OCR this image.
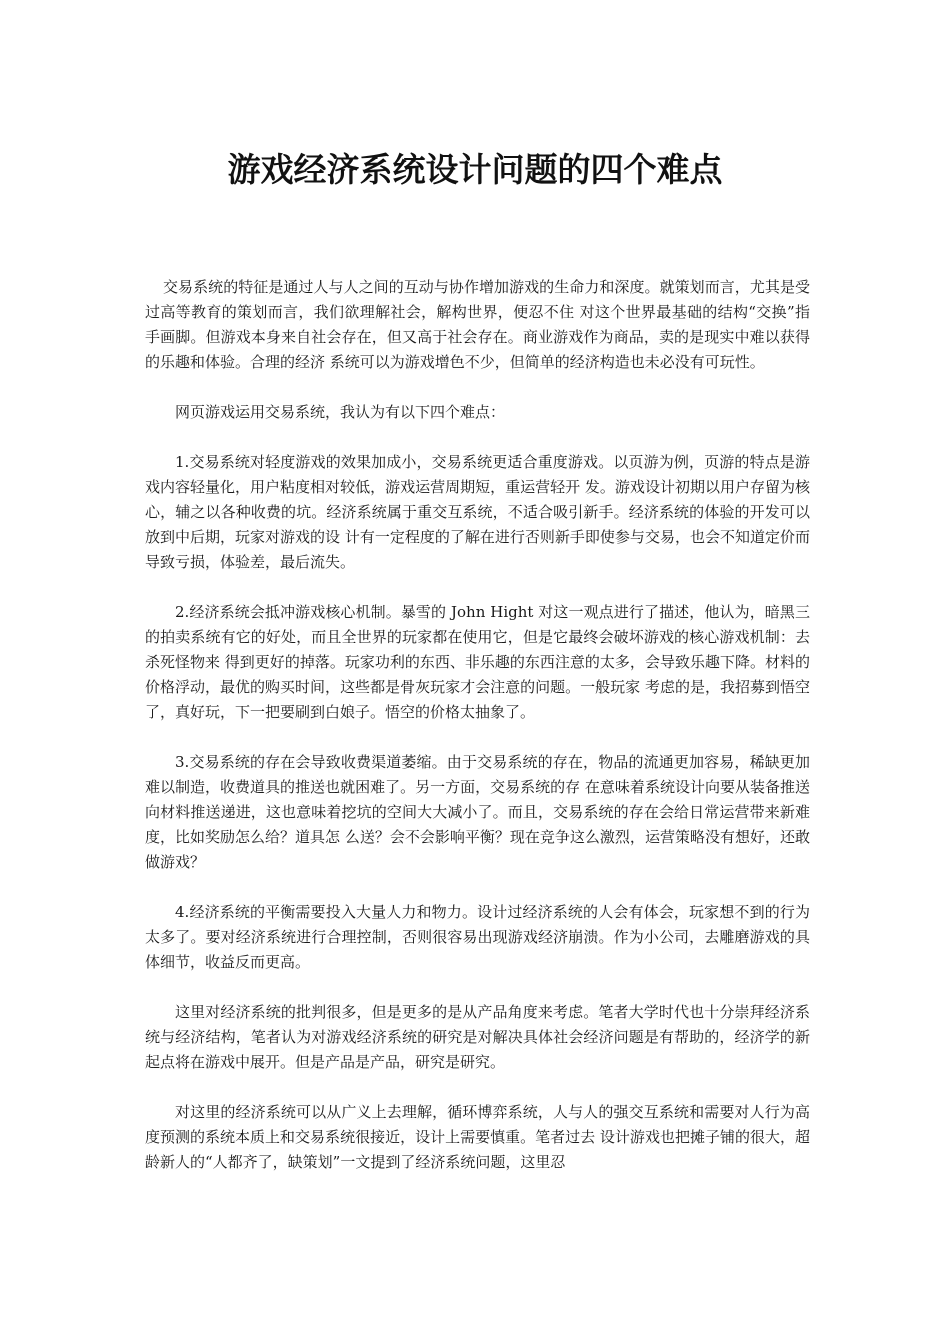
游戏经济系统设计问题的四个难点

交易系统的特征是通过人与人之间的互动与协作增加游戏的生命力和深度。就策划而言，尤其是受过高等教育的策划而言，我们欲理解社会，解构世界，便忍不住 对这个世界最基础的结构“交换”指手画脚。但游戏本身来自社会存在，但又高于社会存在。商业游戏作为商品，卖的是现实中难以获得的乐趣和体验。合理的经济 系统可以为游戏增色不少，但简单的经济构造也未必没有可玩性。

网页游戏运用交易系统，我认为有以下四个难点：

1.交易系统对轻度游戏的效果加成小，交易系统更适合重度游戏。以页游为例，页游的特点是游戏内容轻量化，用户粘度相对较低，游戏运营周期短，重运营轻开 发。游戏设计初期以用户存留为核心，辅之以各种收费的坑。经济系统属于重交互系统，不适合吸引新手。经济系统的体验的开发可以放到中后期，玩家对游戏的设 计有一定程度的了解在进行否则新手即使参与交易，也会不知道定价而导致亏损，体验差，最后流失。

2.经济系统会抵冲游戏核心机制。暴雪的 John Hight 对这一观点进行了描述，他认为，暗黑三的拍卖系统有它的好处，而且全世界的玩家都在使用它，但是它最终会破坏游戏的核心游戏机制：去杀死怪物来 得到更好的掉落。玩家功利的东西、非乐趣的东西注意的太多，会导致乐趣下降。材料的价格浮动，最优的购买时间，这些都是骨灰玩家才会注意的问题。一般玩家 考虑的是，我招募到悟空了，真好玩，下一把要刷到白娘子。悟空的价格太抽象了。

3.交易系统的存在会导致收费渠道萎缩。由于交易系统的存在，物品的流通更加容易，稀缺更加难以制造，收费道具的推送也就困难了。另一方面，交易系统的存 在意味着系统设计向要从装备推送向材料推送递进，这也意味着挖坑的空间大大减小了。而且，交易系统的存在会给日常运营带来新难度，比如奖励怎么给？道具怎 么送？会不会影响平衡？现在竞争这么激烈，运营策略没有想好，还敢做游戏？

4.经济系统的平衡需要投入大量人力和物力。设计过经济系统的人会有体会，玩家想不到的行为太多了。要对经济系统进行合理控制，否则很容易出现游戏经济崩溃。作为小公司，去雕磨游戏的具体细节，收益反而更高。

这里对经济系统的批判很多，但是更多的是从产品角度来考虑。笔者大学时代也十分崇拜经济系统与经济结构，笔者认为对游戏经济系统的研究是对解决具体社会经济问题是有帮助的，经济学的新起点将在游戏中展开。但是产品是产品，研究是研究。

对这里的经济系统可以从广义上去理解，循环博弈系统，人与人的强交互系统和需要对人行为高度预测的系统本质上和交易系统很接近，设计上需要慎重。笔者过去 设计游戏也把摊子铺的很大，超龄新人的“人都齐了，缺策划”一文提到了经济系统问题，这里忍
